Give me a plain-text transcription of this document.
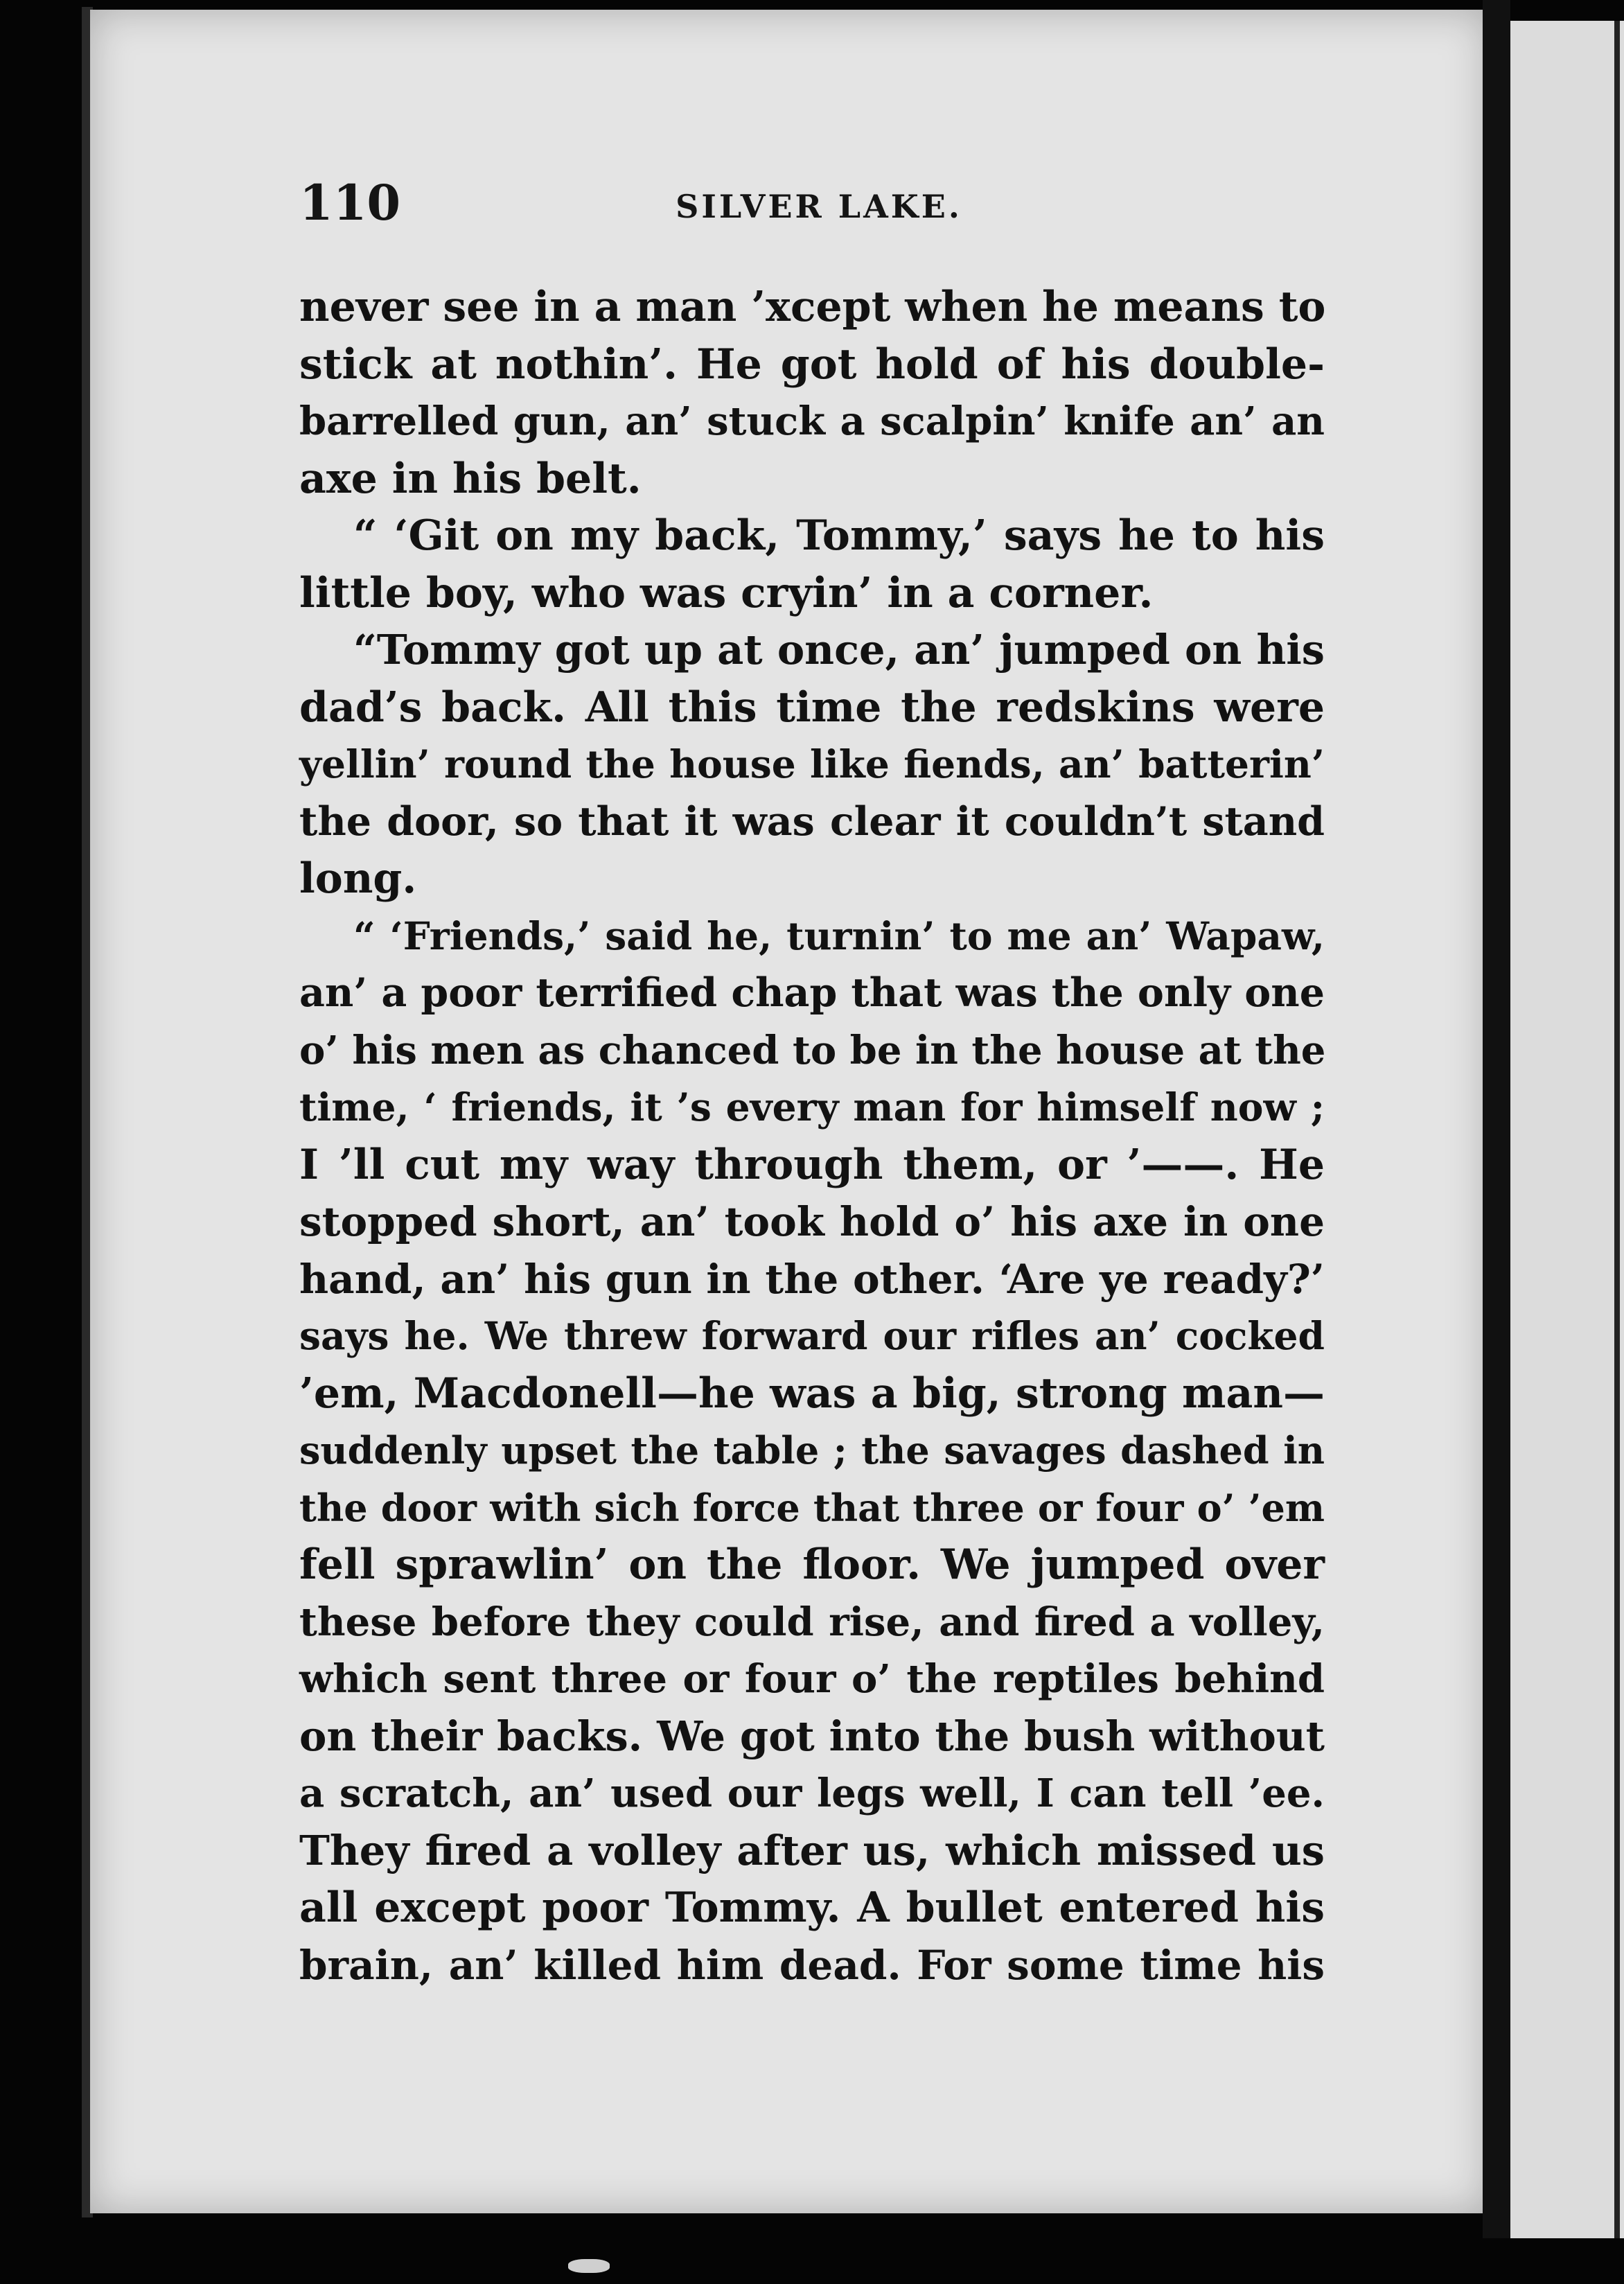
110	SILVER LAKE.
never see in a man ’xcept when he means to
stick at nothin’. He got hold of his double-
barrelled gun, an’ stuck a scalpin’ knife an’ an
axe in his belt.
“ ‘Git on my back, Tommy,’ says he to his
little boy, who was cryin’ in a corner.
“Tommy got up at once, an’ jumped on his
dad’s back. All this time the redskins were
yellin’ round the house like fiends, an’ batterin’
the door, so that it was clear it couldn’t stand
long.
“ ‘Friends,’ said he, turnin’ to me an’ Wapaw,
an’ a poor terrified chap that was the only one
o’ his men as chanced to be in the house at the
time, ‘ friends, it ’s every man for himself now ;
I ’ll cut my way through them, or ’——. He
stopped short, an’ took hold o’ his axe in one
hand, an’ his gun in the other. ‘Are ye ready?’
says he. We threw forward our rifles an’ cocked
’em, Macdonell—he was a big, strong man—
suddenly upset the table ; the savages dashed in
the door with sich force that three or four o’ ’em
fell sprawlin’ on the floor. We jumped over
these before they could rise, and fired a volley,
which sent three or four o’ the reptiles behind
on their backs. We got into the bush without
a scratch, an’ used our legs well, I can tell ’ee.
They fired a volley after us, which missed us
all except poor Tommy. A bullet entered his
brain, an’ killed him dead. For some time his
